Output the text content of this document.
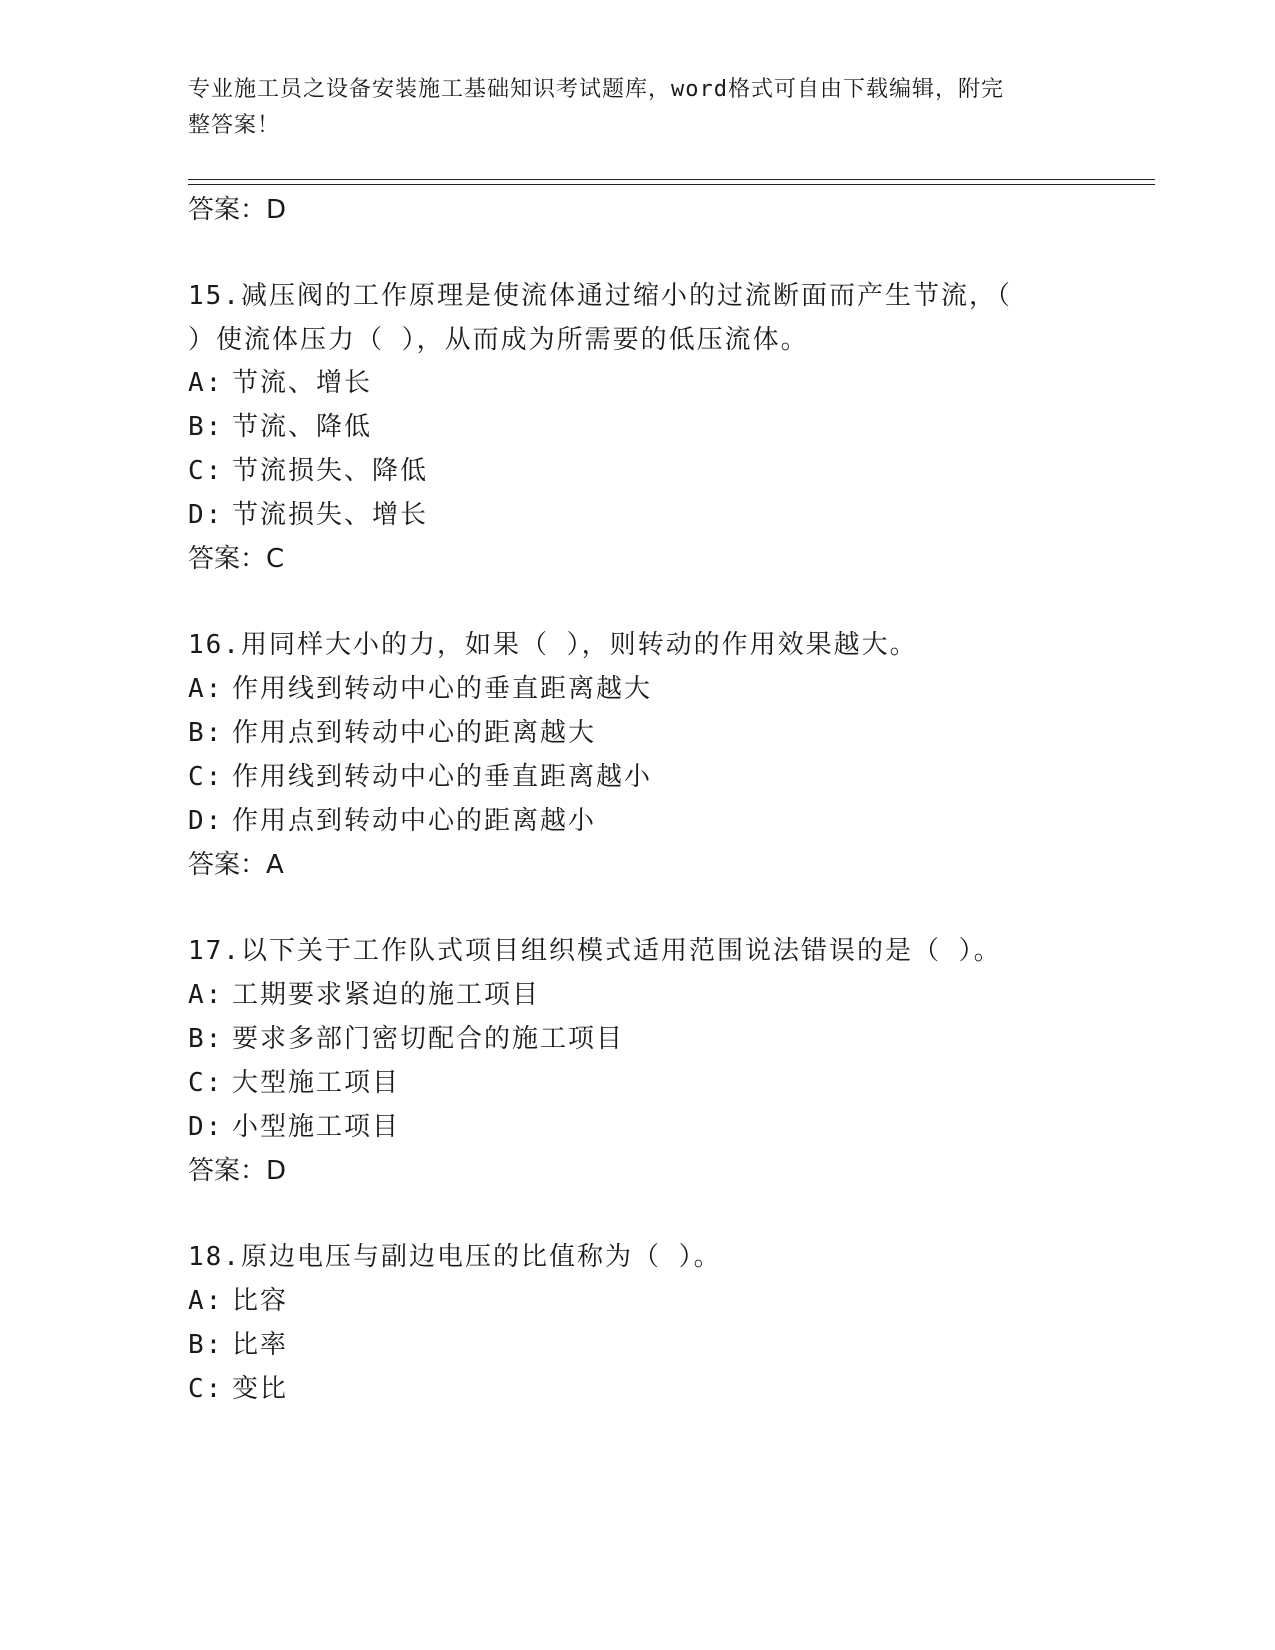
专业施工员之设备安装施工基础知识考试题库，word格式可自由下载编辑，附完
整答案！
答案：D
15.减压阀的工作原理是使流体通过缩小的过流断面而产生节流，（
）使流体压力（ ），从而成为所需要的低压流体。
A: 节流、增长
B: 节流、降低
C: 节流损失、降低
D: 节流损失、增长
答案：C
16.用同样大小的力，如果（ ），则转动的作用效果越大。
A: 作用线到转动中心的垂直距离越大
B: 作用点到转动中心的距离越大
C: 作用线到转动中心的垂直距离越小
D: 作用点到转动中心的距离越小
答案：A
17.以下关于工作队式项目组织模式适用范围说法错误的是（ ）。
A: 工期要求紧迫的施工项目
B: 要求多部门密切配合的施工项目
C: 大型施工项目
D: 小型施工项目
答案：D
18.原边电压与副边电压的比值称为（ ）。
A: 比容
B: 比率
C: 变比
